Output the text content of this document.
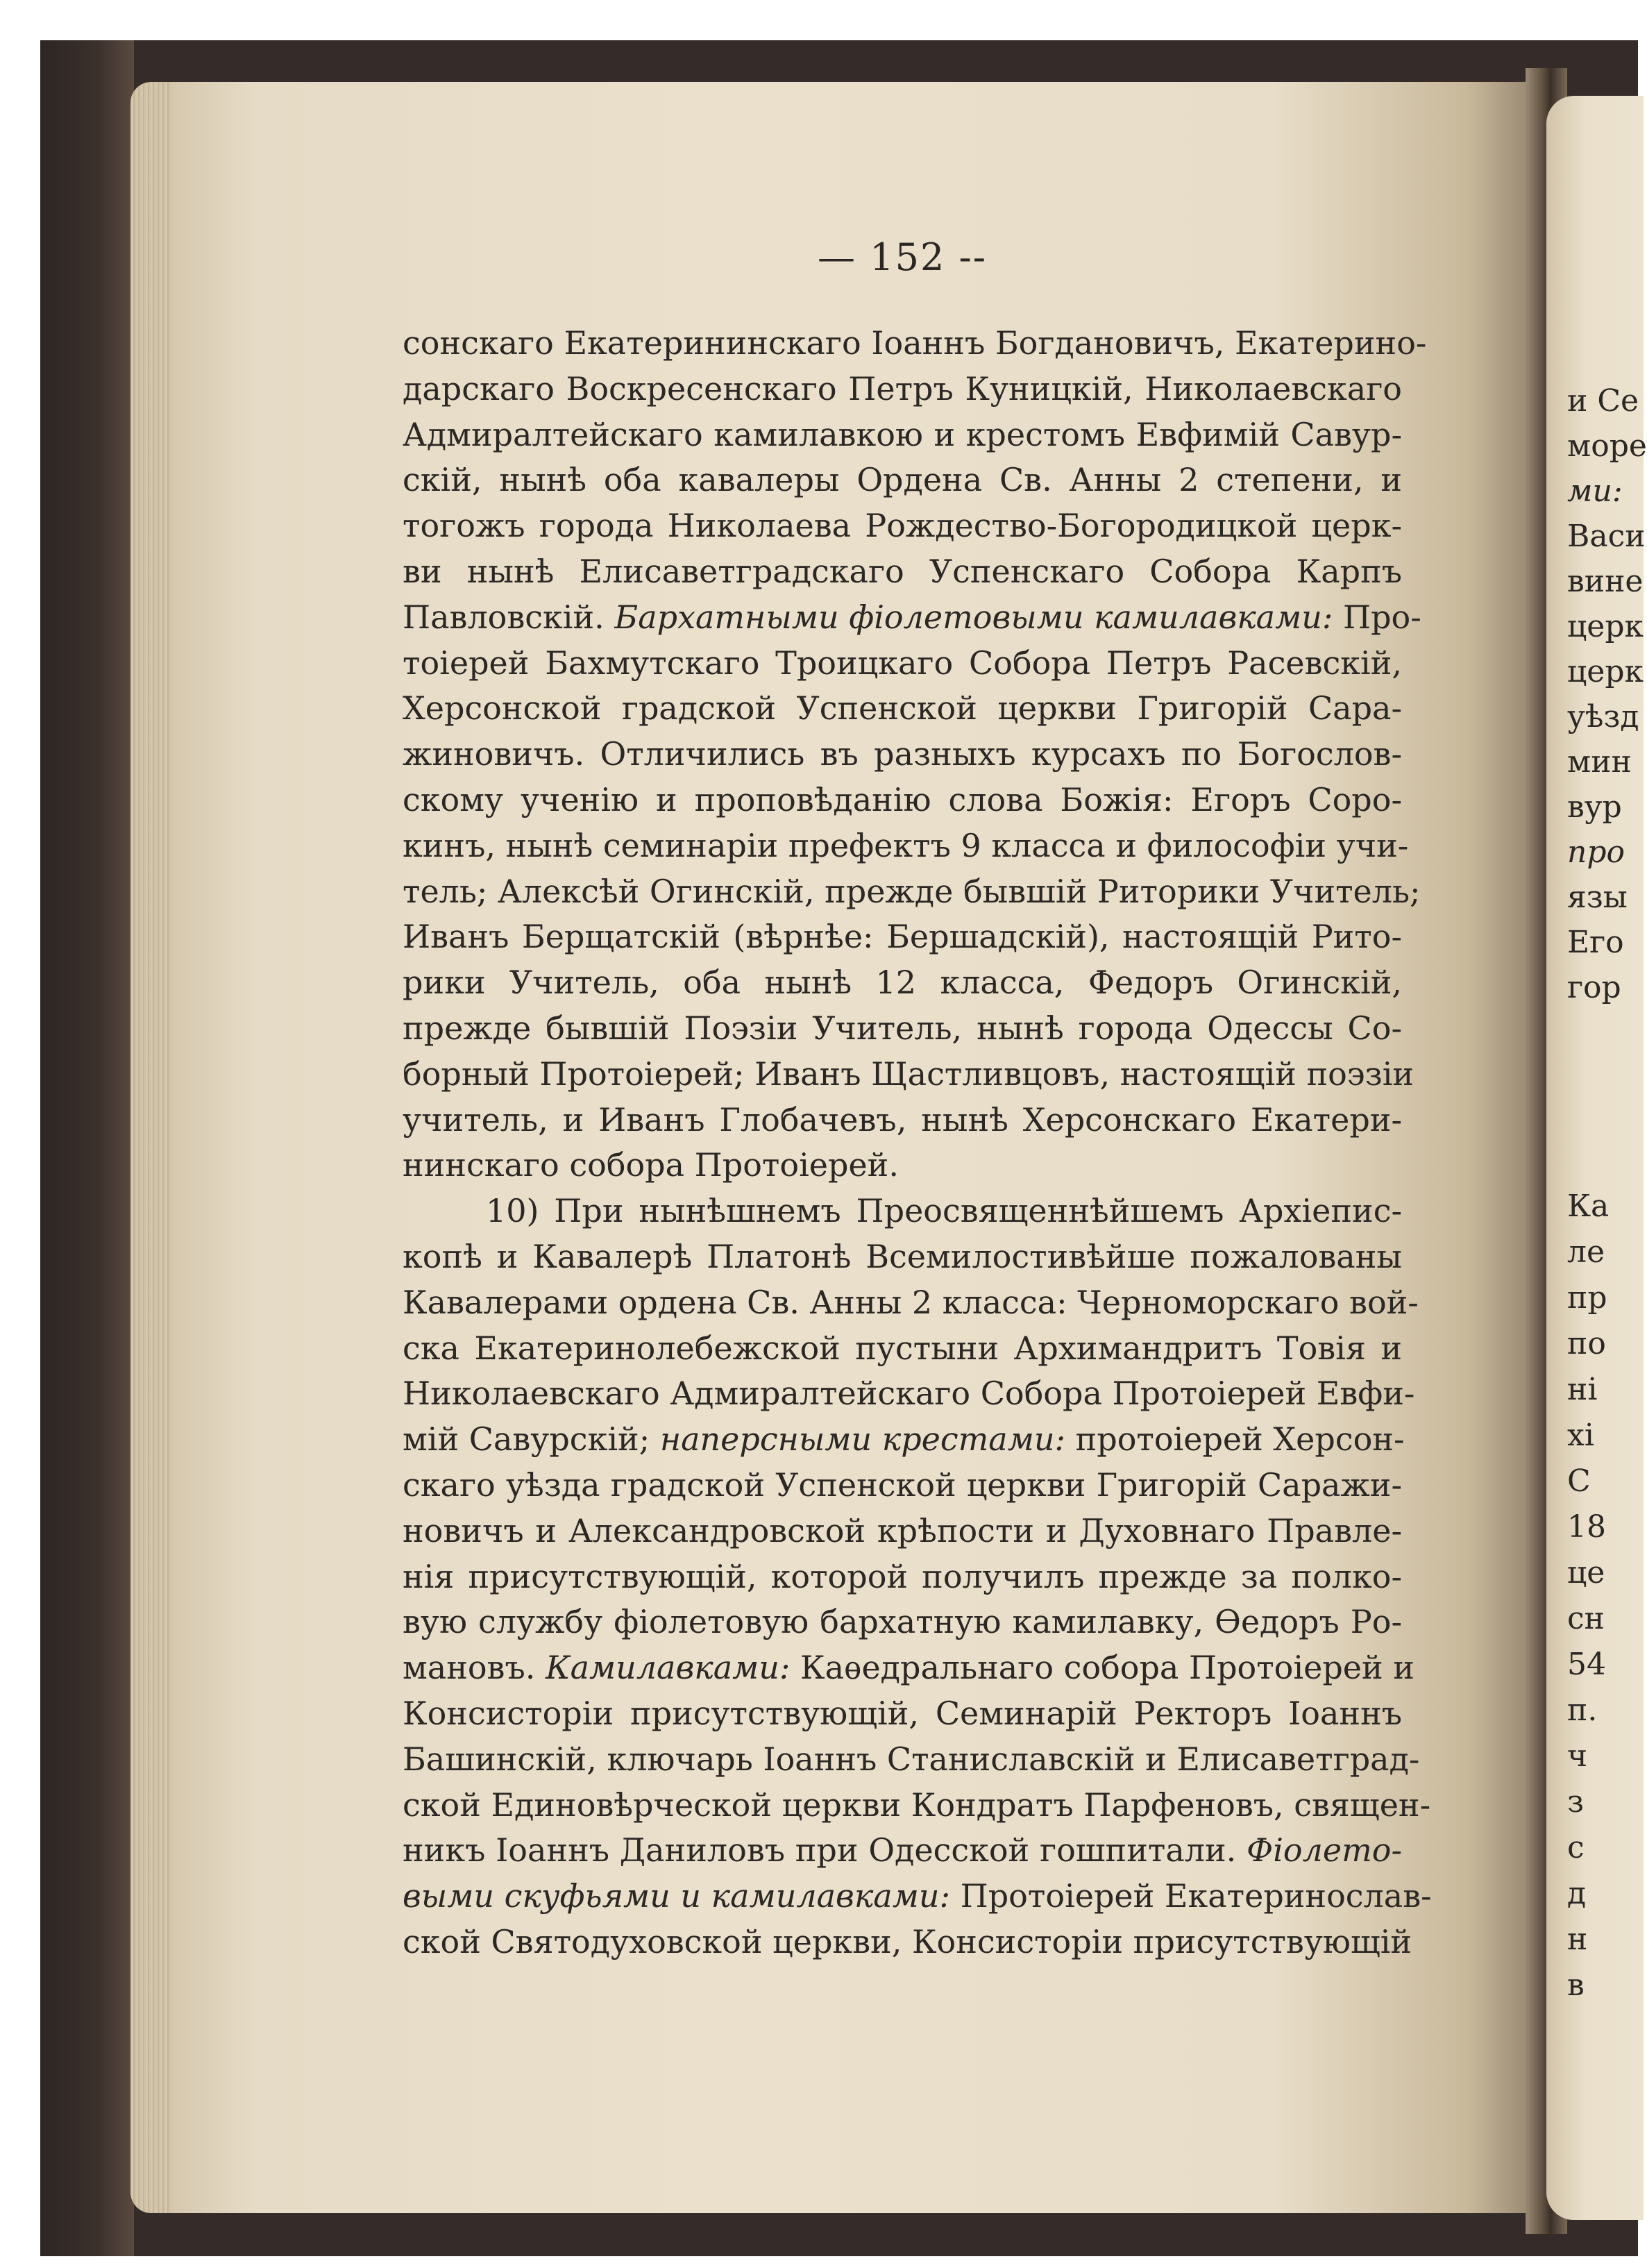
и Се
море
ми:
Васи
вине
церк
церк
уѣзд
мин
вур
про
язы
Его
гор
Ка
ле
пр
по
ні
хі
С
18
це
сн
54
п.
ч
з
с
д
н
в
— 152 --
сонскаго Екатерининскаго Іоаннъ Богдановичъ, Екатерино-
дарскаго Воскресенскаго Петръ Куницкій, Николаевскаго
Адмиралтейскаго камилавкою и крестомъ Евфимій Савур-
скій, нынѣ оба кавалеры Ордена Св. Анны 2 степени, и
тогожъ города Николаева Рождество-Богородицкой церк-
ви нынѣ Елисаветградскаго Успенскаго Собора Карпъ
Павловскій. Бархатными фіолетовыми камилавками: Про-
тоіерей Бахмутскаго Троицкаго Собора Петръ Расевскій,
Херсонской градской Успенской церкви Григорій Сара-
жиновичъ. Отличились въ разныхъ курсахъ по Богослов-
скому ученію и проповѣданію слова Божія: Егоръ Соро-
кинъ, нынѣ семинаріи префектъ 9 класса и философіи учи-
тель; Алексѣй Огинскій, прежде бывшій Риторики Учитель;
Иванъ Берщатскій (вѣрнѣе: Бершадскій), настоящій Рито-
рики Учитель, оба нынѣ 12 класса, Федоръ Огинскій,
прежде бывшій Поэзіи Учитель, нынѣ города Одессы Со-
борный Протоіерей; Иванъ Щастливцовъ, настоящій поэзіи
учитель, и Иванъ Глобачевъ, нынѣ Херсонскаго Екатери-
нинскаго собора Протоіерей.
10) При нынѣшнемъ Преосвященнѣйшемъ Архіепис-
копѣ и Кавалерѣ Платонѣ Всемилостивѣйше пожалованы
Кавалерами ордена Св. Анны 2 класса: Черноморскаго вой-
ска Екатеринолебежской пустыни Архимандритъ Товія и
Николаевскаго Адмиралтейскаго Собора Протоіерей Евфи-
мій Савурскій; наперсными крестами: протоіерей Херсон-
скаго уѣзда градской Успенской церкви Григорій Саражи-
новичъ и Александровской крѣпости и Духовнаго Правле-
нія присутствующій, которой получилъ прежде за полко-
вую службу фіолетовую бархатную камилавку, Өедоръ Ро-
мановъ. Камилавками: Каѳедральнаго собора Протоіерей и
Консисторіи присутствующій, Семинарій Ректоръ Іоаннъ
Башинскій, ключарь Іоаннъ Станиславскій и Елисаветград-
ской Единовѣрческой церкви Кондратъ Парфеновъ, священ-
никъ Іоаннъ Даниловъ при Одесской гошпитали. Фіолето-
выми скуфьями и камилавками: Протоіерей Екатеринослав-
ской Святодуховской церкви, Консисторіи присутствующій
